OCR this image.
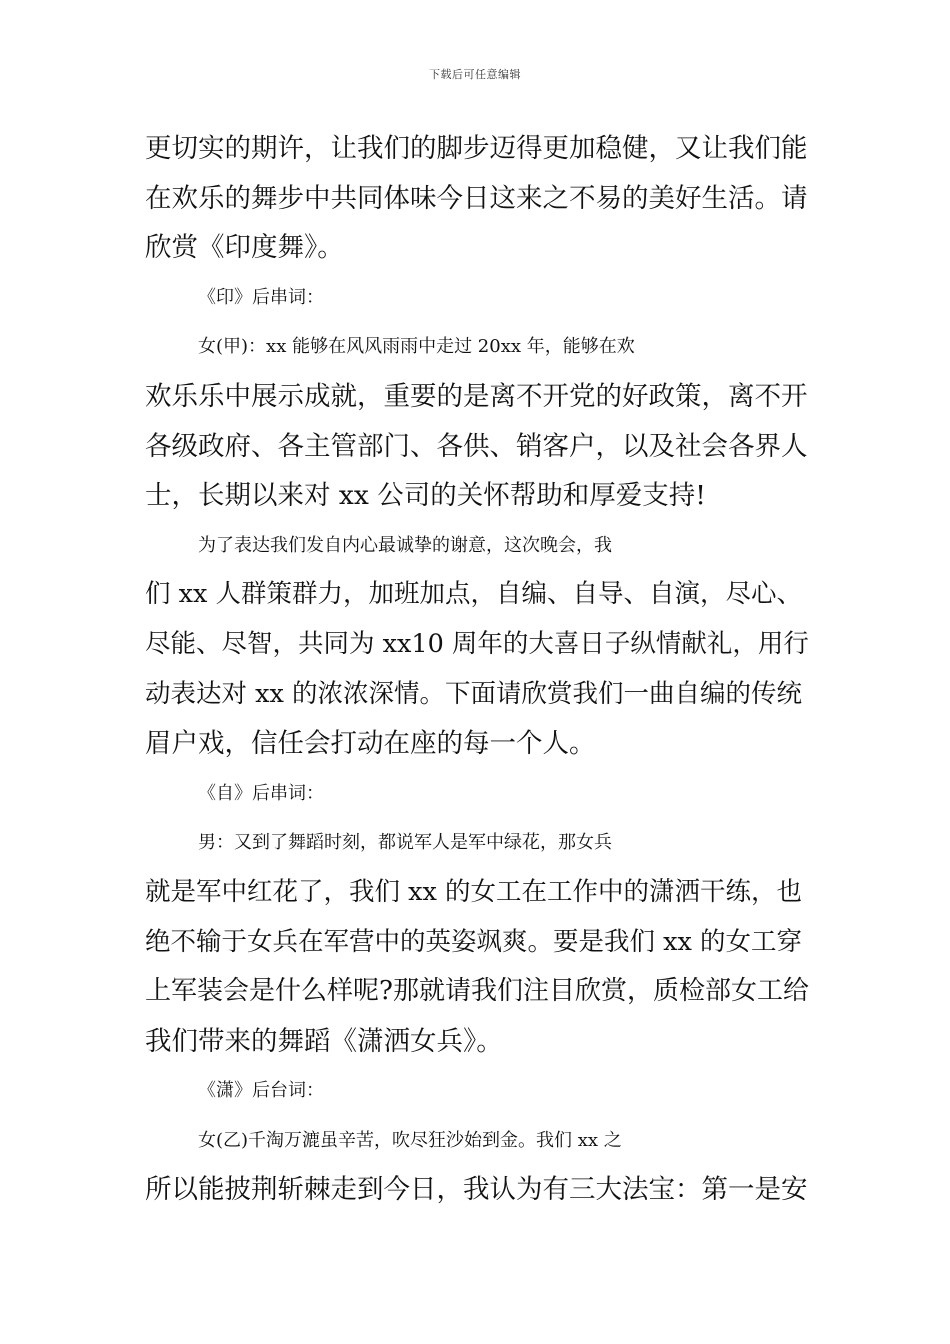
下载后可任意编辑
更切实的期许，让我们的脚步迈得更加稳健，又让我们能
在欢乐的舞步中共同体味今日这来之不易的美好生活。请
欣赏《印度舞》。
《印》后串词：
女(甲)：xx 能够在风风雨雨中走过 20xx 年，能够在欢
欢乐乐中展示成就，重要的是离不开党的好政策，离不开
各级政府、各主管部门、各供、销客户，以及社会各界人
士，长期以来对 xx 公司的关怀帮助和厚爱支持!
为了表达我们发自内心最诚挚的谢意，这次晚会，我
们 xx 人群策群力，加班加点，自编、自导、自演，尽心、
尽能、尽智，共同为 xx10 周年的大喜日子纵情献礼，用行
动表达对 xx 的浓浓深情。下面请欣赏我们一曲自编的传统
眉户戏，信任会打动在座的每一个人。
《自》后串词：
男：又到了舞蹈时刻，都说军人是军中绿花，那女兵
就是军中红花了，我们 xx 的女工在工作中的潇洒干练，也
绝不输于女兵在军营中的英姿飒爽。要是我们 xx 的女工穿
上军装会是什么样呢?那就请我们注目欣赏，质检部女工给
我们带来的舞蹈《潇洒女兵》。
《潇》后台词：
女(乙)千淘万漉虽辛苦，吹尽狂沙始到金。我们 xx 之
所以能披荆斩棘走到今日，我认为有三大法宝：第一是安
